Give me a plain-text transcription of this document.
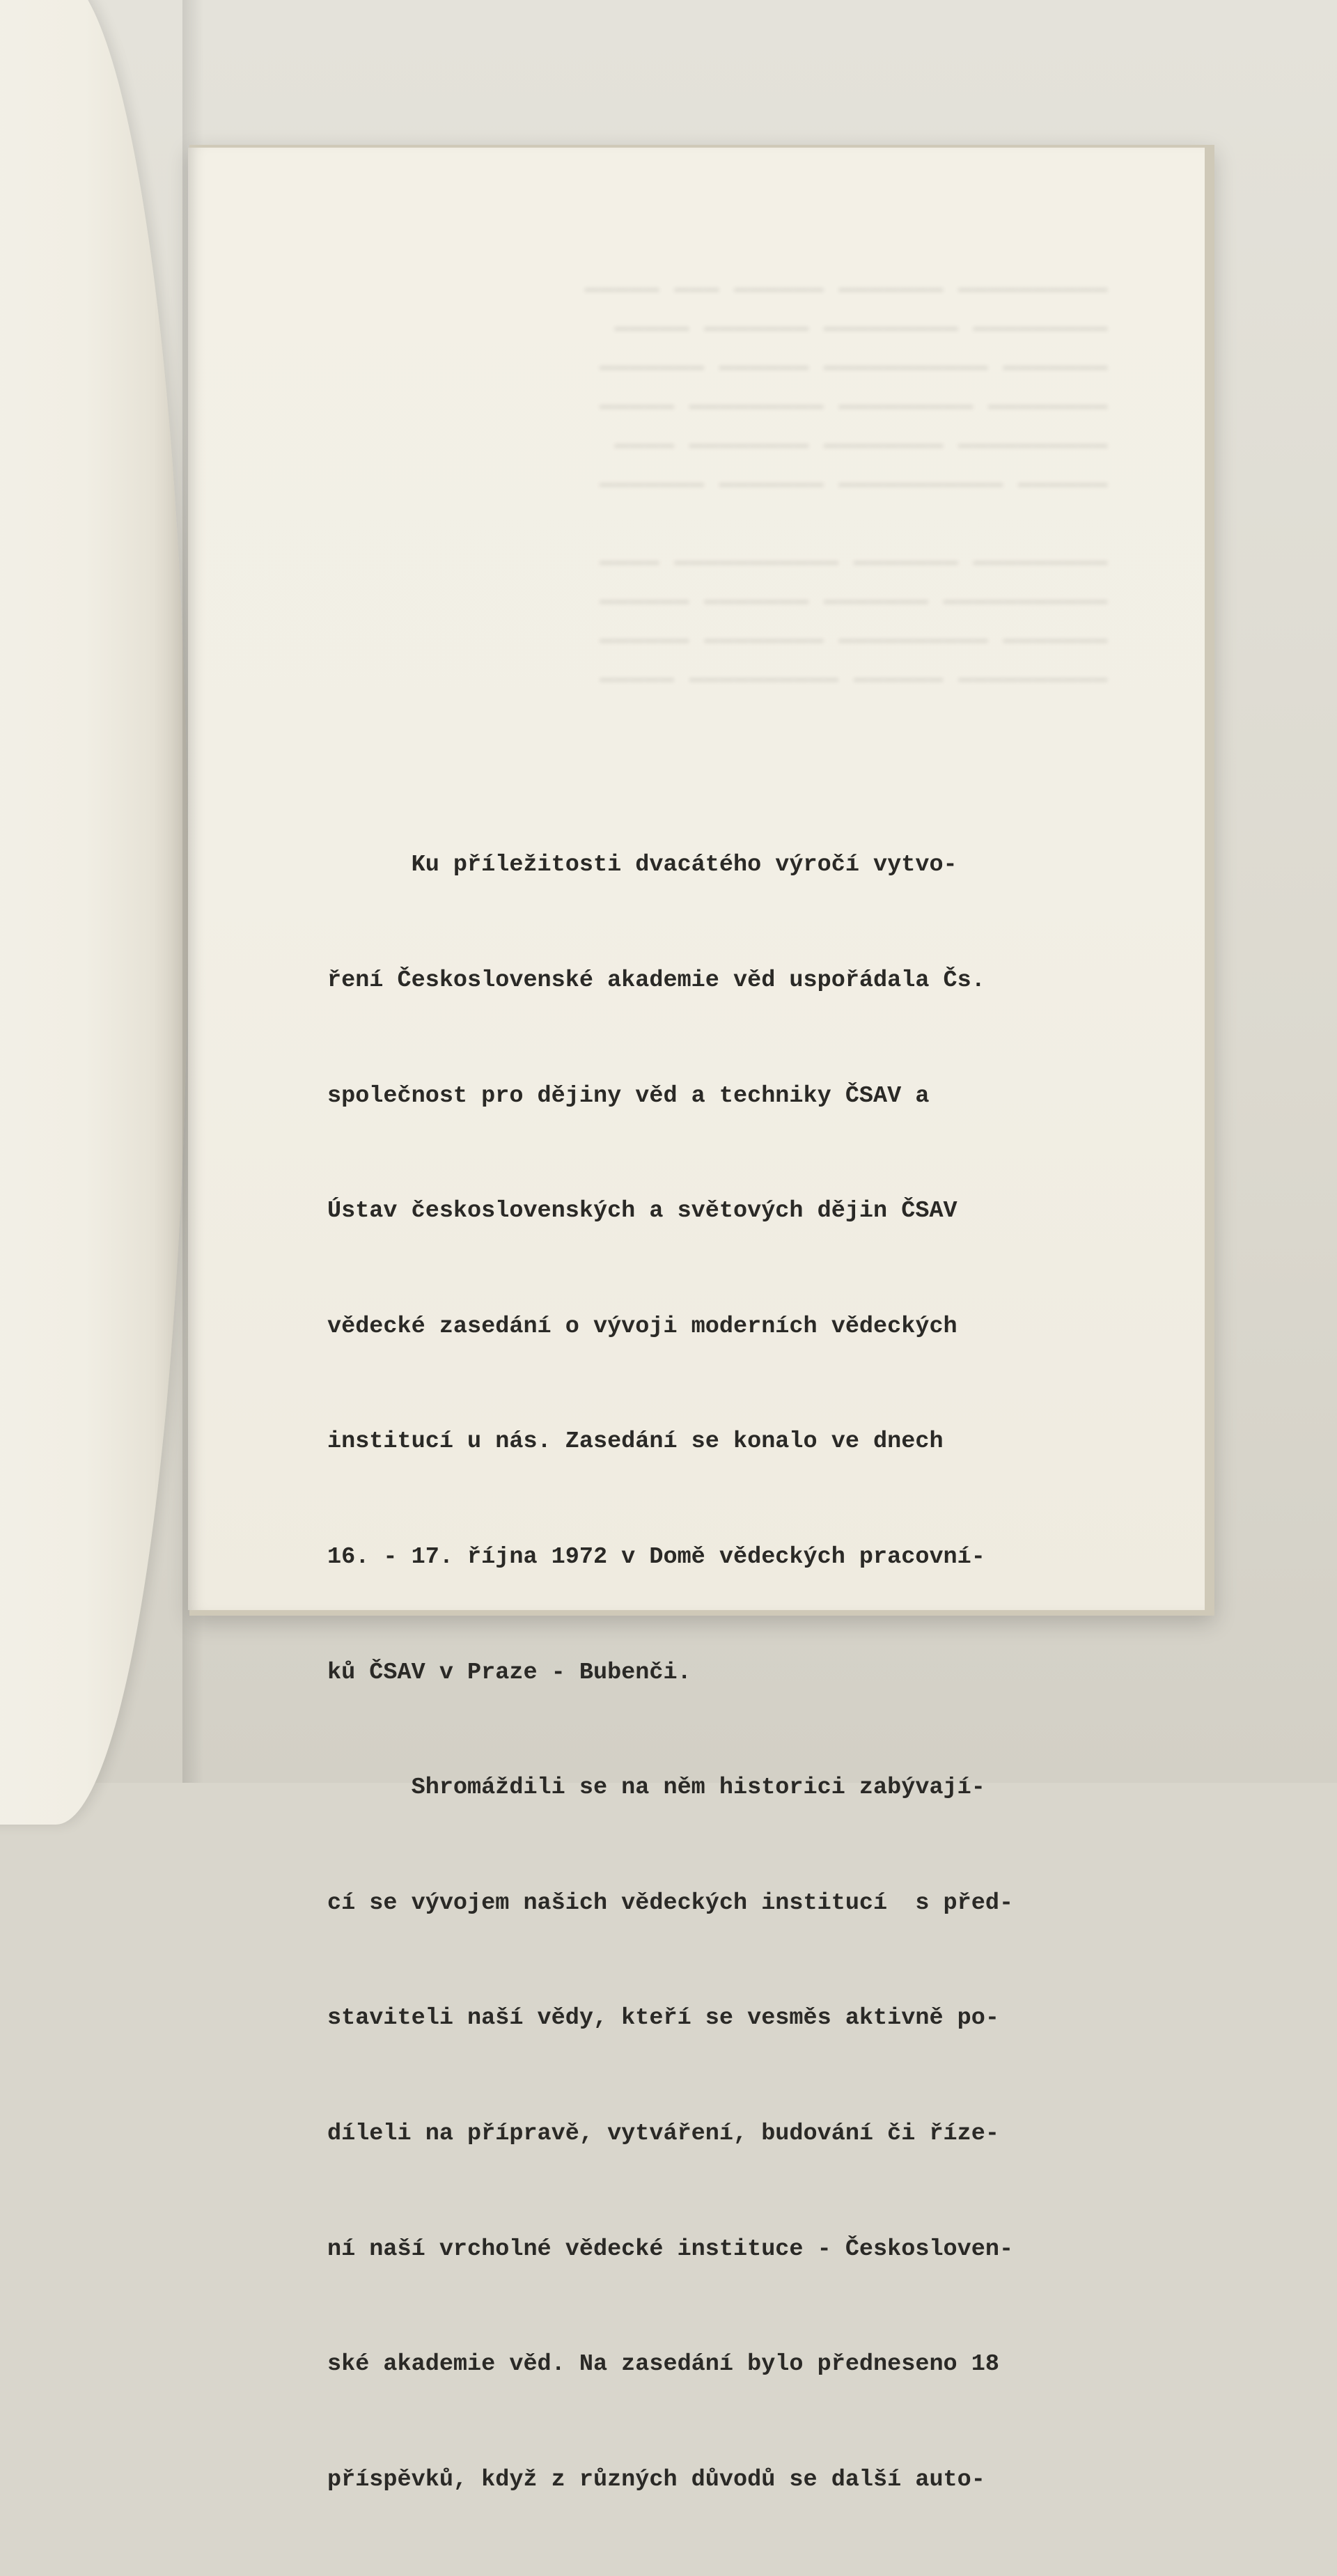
━━━━━━━━━━ ━━━━━━━ ━━━━━━ ━━━ ━━━━━
━━━━━━━━━ ━━━━━━━━━ ━━━━━━━ ━━━━━
━━━━━━━ ━━━━━━━━━━━ ━━━━━━ ━━━━━━━
━━━━━━━━ ━━━━━━━━━ ━━━━━━━━━ ━━━━━
━━━━━━━━━━ ━━━━━━━━ ━━━━━━━━ ━━━━
━━━━━━ ━━━━━━━━━━━ ━━━━━━━ ━━━━━━━

━━━━━━━━━ ━━━━━━━ ━━━━━━━━━━━ ━━━━
━━━━━━━━━━━ ━━━━━━━ ━━━━━━━ ━━━━━━
━━━━━━━ ━━━━━━━━━━ ━━━━━━━━ ━━━━━━
━━━━━━━━━━ ━━━━━━ ━━━━━━━━━━ ━━━━━

Ku příležitosti dvacátého výročí vytvo-

ření Československé akademie věd uspořádala Čs.

společnost pro dějiny věd a techniky ČSAV a

Ústav československých a světových dějin ČSAV

vědecké zasedání o vývoji moderních vědeckých

institucí u nás. Zasedání se konalo ve dnech

16. - 17. října 1972 v Domě vědeckých pracovní-

ků ČSAV v Praze - Bubenči.

Shromáždili se na něm historici zabývají-

cí se vývojem našich vědeckých institucí  s před-

staviteli naší vědy, kteří se vesměs aktivně po-

díleli na přípravě, vytváření, budování či říze-

ní naší vrcholné vědecké instituce - Českosloven-

ské akademie věd. Na zasedání bylo předneseno 18

příspěvků, když z různých důvodů se další auto-
